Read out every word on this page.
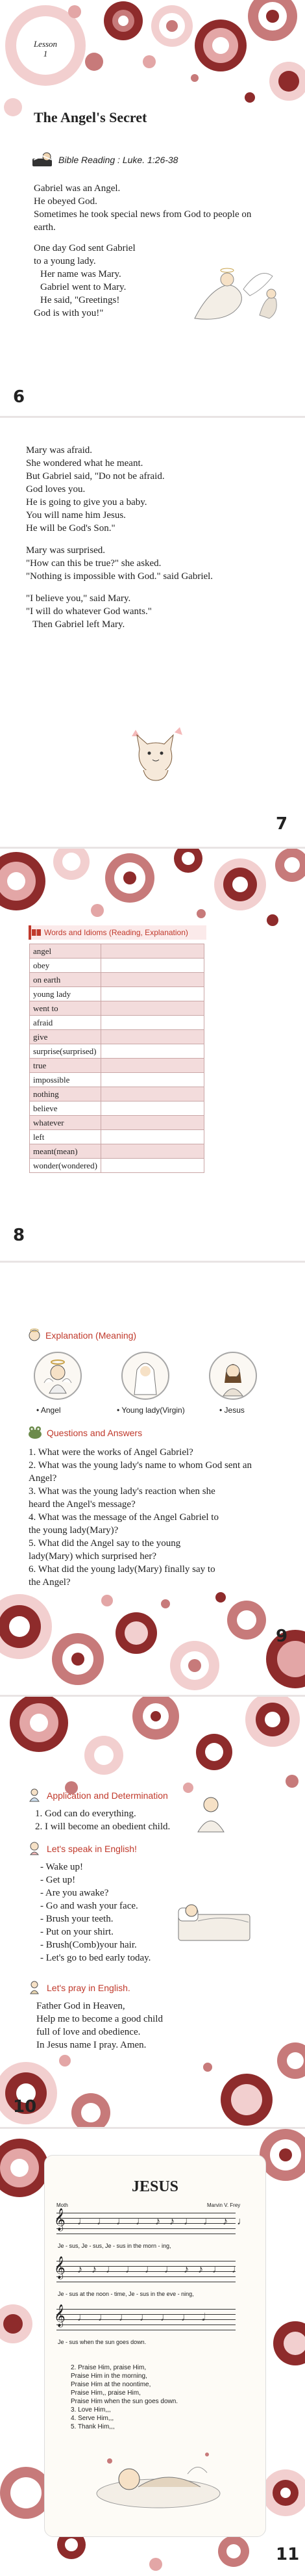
Lesson
1
The Angel's Secret
Bible Reading : Luke. 1:26-38
Gabriel was an Angel.
He obeyed God.
Sometimes he took special news from God to people on
earth.
One day God sent Gabriel
to a young lady.
Her name was Mary.
Gabriel went to Mary.
He said, "Greetings!
God is with you!"
6
Mary was afraid.
She wondered what he meant.
But Gabriel said, "Do not be afraid.
God loves you.
He is going to give you a baby.
You will name him Jesus.
He will be God's Son."
Mary was surprised.
"How can this be true?" she asked.
"Nothing is impossible with God." said Gabriel.
"I believe you," said Mary.
"I will do whatever God wants."
Then Gabriel left Mary.
7
Words and Idioms (Reading, Explanation)
angel	
obey	
on earth	
young lady	
went to	
afraid	
give	
surprise(surprised)	
true	
impossible	
nothing	
believe	
whatever	
left	
meant(mean)	
wonder(wondered)	
8
Explanation (Meaning)
• Angel	• Young lady(Virgin)	• Jesus
Questions and Answers
1. What were the works of Angel Gabriel?
2. What was the young lady's name to whom God sent an
Angel?
3. What was the young lady's reaction when she
heard the Angel's message?
4. What was the message of the Angel Gabriel to
the young lady(Mary)?
5. What did the Angel say to the young
lady(Mary) which surprised her?
6. What did the young lady(Mary) finally say to
the Angel?
9
Application and Determination
1. God can do everything.
2. I will become an obedient child.
Let's speak in English!
- Wake up!
- Get up!
- Are you awake?
- Go and wash your face.
- Brush your teeth.
- Put on your shirt.
- Brush(Comb)your hair.
- Let's go to bed early today.
Let's pray in English.
Father God in Heaven,
Help me to become a good child
full of love and obedience.
In Jesus name I pray. Amen.
10
JESUS
Moth	Marvin V. Frey
𝄞 ♩♩♩♩♪♪♩♩♪♩
Je - sus, Je - sus, Je - sus in the morn - ing,
𝄞 ♪♪♩♩♩♩♪♪♩♩
Je - sus at the noon - time, Je - sus in the eve - ning,
𝄞 ♩♩♩♩♩♩𝅗𝅥
Je - sus when the sun goes down.
2. Praise Him, praise Him,
Praise Him in the morning,
Praise Him at the noontime,
Praise Him,, praise Him,
Praise Him when the sun goes down.
3. Love Him,,,
4. Serve Him,,,
5. Thank Him,,,
11
